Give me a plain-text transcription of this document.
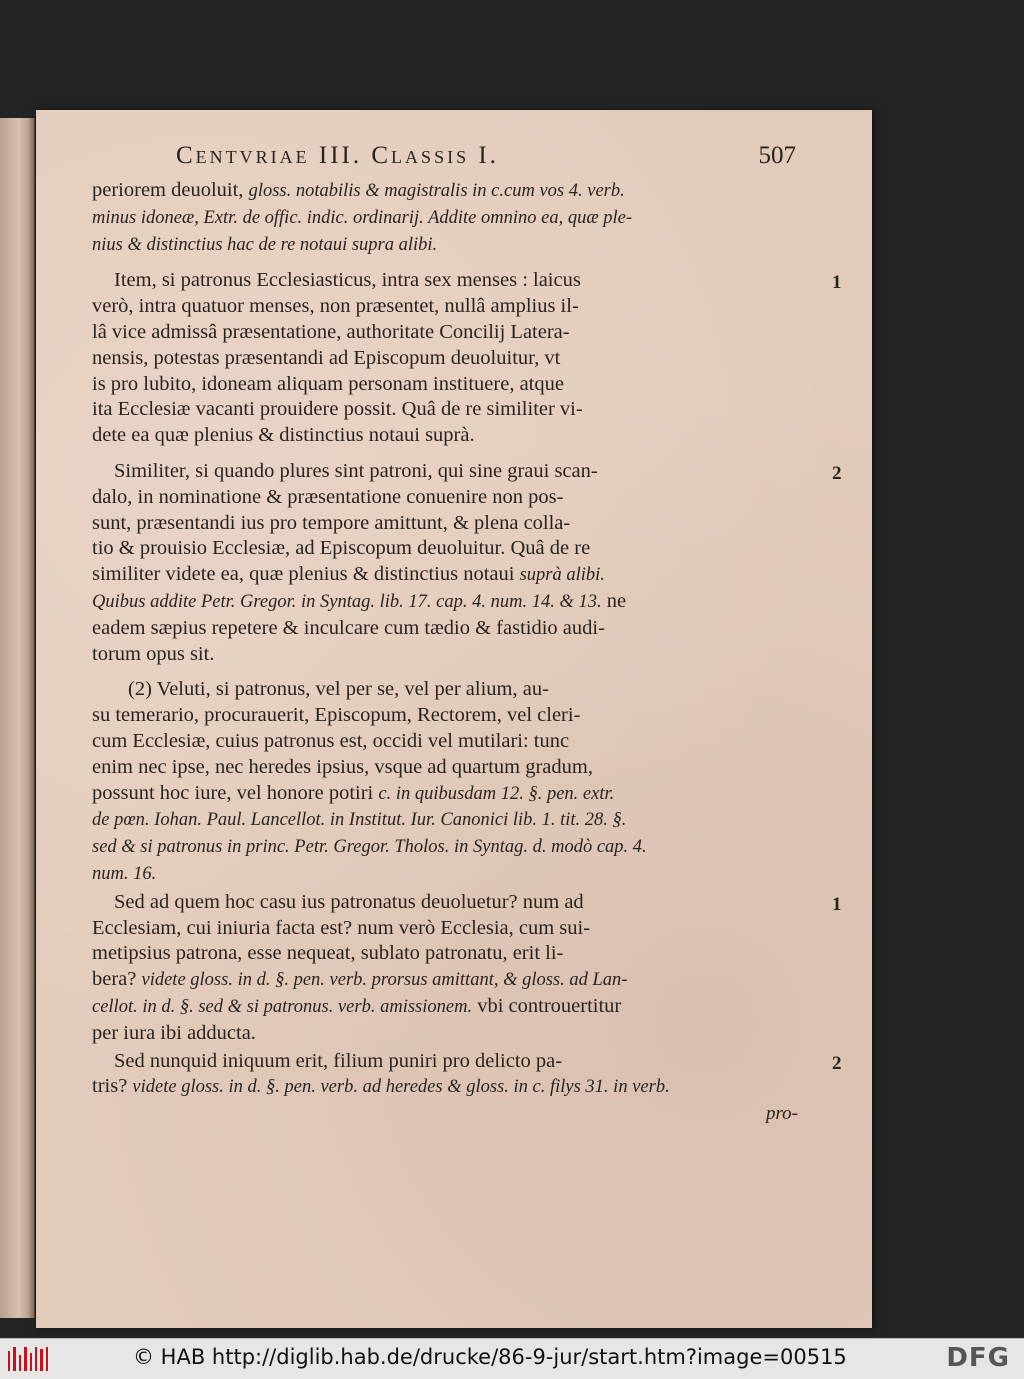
Centvriae III. Classis I.	507
periorem deuoluit, gloss. notabilis & magistralis in c.cum vos 4. verb.
minus idoneæ, Extr. de offic. indic. ordinarij. Addite omnino ea, quæ ple-
nius & distinctius hac de re notaui supra alibi.
1
Item, si patronus Ecclesiasticus, intra sex menses : laicus
verò, intra quatuor menses, non præsentet, nullâ amplius il-
lâ vice admissâ præsentatione, authoritate Concilij Latera-
nensis, potestas præsentandi ad Episcopum deuoluitur, vt
is pro lubito, idoneam aliquam personam instituere, atque
ita Ecclesiæ vacanti prouidere possit. Quâ de re similiter vi-
dete ea quæ plenius & distinctius notaui suprà.
2
Similiter, si quando plures sint patroni, qui sine graui scan-
dalo, in nominatione & præsentatione conuenire non pos-
sunt, præsentandi ius pro tempore amittunt, & plena colla-
tio & prouisio Ecclesiæ, ad Episcopum deuoluitur. Quâ de re
similiter videte ea, quæ plenius & distinctius notaui suprà alibi.
Quibus addite Petr. Gregor. in Syntag. lib. 17. cap. 4. num. 14. & 13. ne
eadem sæpius repetere & inculcare cum tædio & fastidio audi-
torum opus sit.
(2) Veluti, si patronus, vel per se, vel per alium, au-
su temerario, procurauerit, Episcopum, Rectorem, vel cleri-
cum Ecclesiæ, cuius patronus est, occidi vel mutilari: tunc
enim nec ipse, nec heredes ipsius, vsque ad quartum gradum,
possunt hoc iure, vel honore potiri c. in quibusdam 12. §. pen. extr.
de pœn. Iohan. Paul. Lancellot. in Institut. Iur. Canonici lib. 1. tit. 28. §.
sed & si patronus in princ. Petr. Gregor. Tholos. in Syntag. d. modò cap. 4.
num. 16.
1
Sed ad quem hoc casu ius patronatus deuoluetur? num ad
Ecclesiam, cui iniuria facta est? num verò Ecclesia, cum sui-
metipsius patrona, esse nequeat, sublato patronatu, erit li-
bera? videte gloss. in d. §. pen. verb. prorsus amittant, & gloss. ad Lan-
cellot. in d. §. sed & si patronus. verb. amissionem. vbi controuertitur
per iura ibi adducta.
2
Sed nunquid iniquum erit, filium puniri pro delicto pa-
tris? videte gloss. in d. §. pen. verb. ad heredes & gloss. in c. filys 31. in verb.
pro-
© HAB http://diglib.hab.de/drucke/86-9-jur/start.htm?image=00515	DFG
